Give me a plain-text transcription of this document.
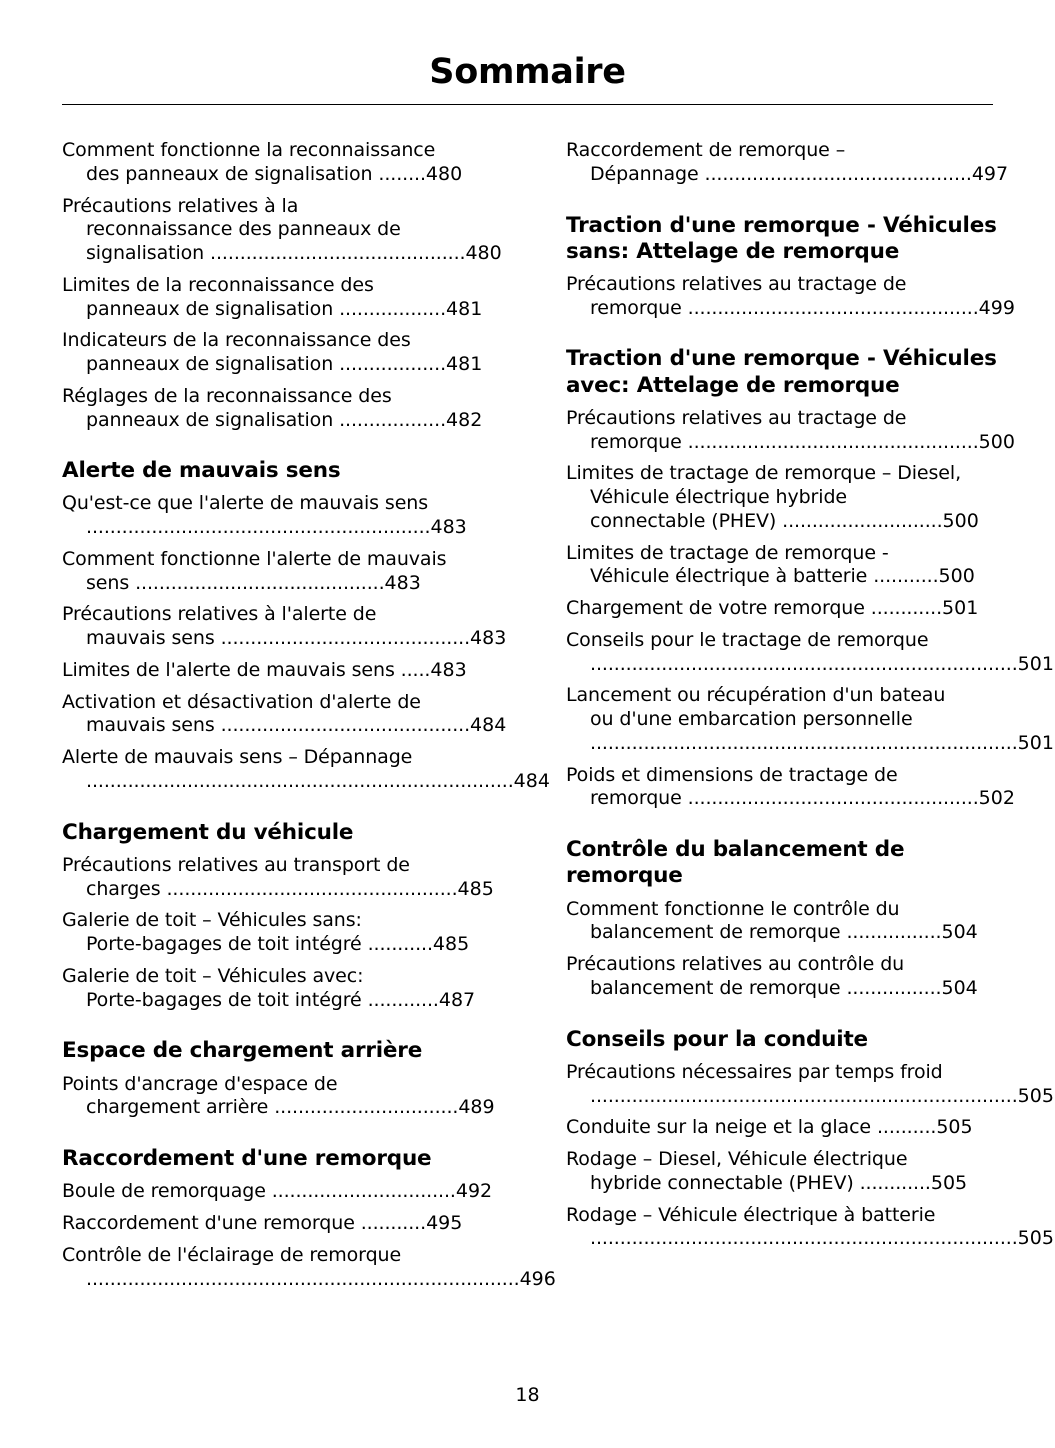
Sommaire
Comment fonctionne la reconnaissance
des panneaux de signalisation ........480
Précautions relatives à la
reconnaissance des panneaux de
signalisation ...........................................480
Limites de la reconnaissance des
panneaux de signalisation ..................481
Indicateurs de la reconnaissance des
panneaux de signalisation ..................481
Réglages de la reconnaissance des
panneaux de signalisation ..................482
Alerte de mauvais sens
Qu'est-ce que l'alerte de mauvais sens
..........................................................483
Comment fonctionne l'alerte de mauvais
sens ..........................................483
Précautions relatives à l'alerte de
mauvais sens ..........................................483
Limites de l'alerte de mauvais sens .....483
Activation et désactivation d'alerte de
mauvais sens ..........................................484
Alerte de mauvais sens – Dépannage
........................................................................484
Chargement du véhicule
Précautions relatives au transport de
charges .................................................485
Galerie de toit – Véhicules sans:
Porte-bagages de toit intégré ...........485
Galerie de toit – Véhicules avec:
Porte-bagages de toit intégré ............487
Espace de chargement arrière
Points d'ancrage d'espace de
chargement arrière ...............................489
Raccordement d'une remorque
Boule de remorquage ...............................492
Raccordement d'une remorque ...........495
Contrôle de l'éclairage de remorque
.........................................................................496
Raccordement de remorque –
Dépannage .............................................497
Traction d'une remorque - Véhicules sans: Attelage de remorque
Précautions relatives au tractage de
remorque .................................................499
Traction d'une remorque - Véhicules avec: Attelage de remorque
Précautions relatives au tractage de
remorque .................................................500
Limites de tractage de remorque – Diesel,
Véhicule électrique hybride
connectable (PHEV) ...........................500
Limites de tractage de remorque -
Véhicule électrique à batterie ...........500
Chargement de votre remorque ............501
Conseils pour le tractage de remorque
........................................................................501
Lancement ou récupération d'un bateau
ou d'une embarcation personnelle
........................................................................501
Poids et dimensions de tractage de
remorque .................................................502
Contrôle du balancement de remorque
Comment fonctionne le contrôle du
balancement de remorque ................504
Précautions relatives au contrôle du
balancement de remorque ................504
Conseils pour la conduite
Précautions nécessaires par temps froid
........................................................................505
Conduite sur la neige et la glace ..........505
Rodage – Diesel, Véhicule électrique
hybride connectable (PHEV) ............505
Rodage – Véhicule électrique à batterie
........................................................................505
18
